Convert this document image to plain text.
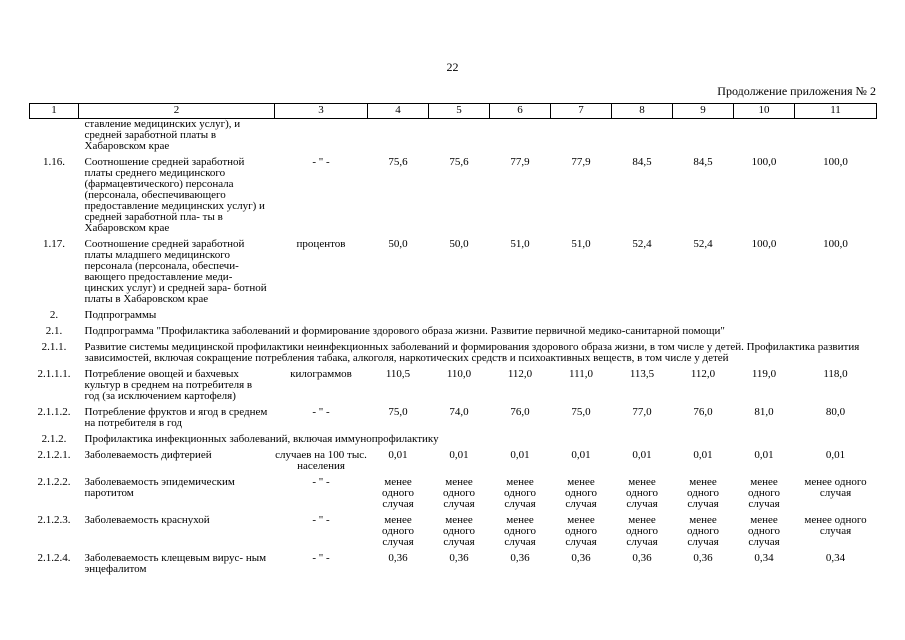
22
Продолжение приложения № 2
1	2	3	4	5	6	7	8	9	10	11
	ставление медицинских услуг), и средней заработной платы в Хабаровском крае									
1.16.	Соотношение средней заработной платы среднего медицинского (фармацевтического) персонала (персонала, обеспечивающего предоставление медицинских услуг) и средней заработной пла- ты в Хабаровском крае	- " -	75,6	75,6	77,9	77,9	84,5	84,5	100,0	100,0
1.17.	Соотношение средней заработной платы младшего медицинского персонала (персонала, обеспечи- вающего предоставление меди- цинских услуг) и средней зара- ботной платы в Хабаровском крае	процентов	50,0	50,0	51,0	51,0	52,4	52,4	100,0	100,0
2.	Подпрограммы									
2.1.	Подпрограмма "Профилактика заболеваний и формирование здорового образа жизни. Развитие первичной медико-санитарной помощи"									
2.1.1.	Развитие системы медицинской профилактики неинфекционных заболеваний и формирования здорового образа жизни, в том числе у детей. Профилактика развития зависимостей, включая сокращение потребления табака, алкоголя, наркотических средств и психоактивных веществ, в том числе у детей									
2.1.1.1.	Потребление овощей и бахчевых культур в среднем на потребителя в год (за исключением картофеля)	килограммов	110,5	110,0	112,0	111,0	113,5	112,0	119,0	118,0
2.1.1.2.	Потребление фруктов и ягод в среднем на потребителя в год	- " -	75,0	74,0	76,0	75,0	77,0	76,0	81,0	80,0
2.1.2.	Профилактика инфекционных заболеваний, включая иммунопрофилактику									
2.1.2.1.	Заболеваемость дифтерией	случаев на 100 тыс. населения	0,01	0,01	0,01	0,01	0,01	0,01	0,01	0,01
2.1.2.2.	Заболеваемость эпидемическим паротитом	- " -	менее одного случая	менее одного случая	менее одного случая	менее одного случая	менее одного случая	менее одного случая	менее одного случая	менее одного случая
2.1.2.3.	Заболеваемость краснухой	- " -	менее одного случая	менее одного случая	менее одного случая	менее одного случая	менее одного случая	менее одного случая	менее одного случая	менее одного случая
2.1.2.4.	Заболеваемость клещевым вирус- ным энцефалитом	- " -	0,36	0,36	0,36	0,36	0,36	0,36	0,34	0,34
